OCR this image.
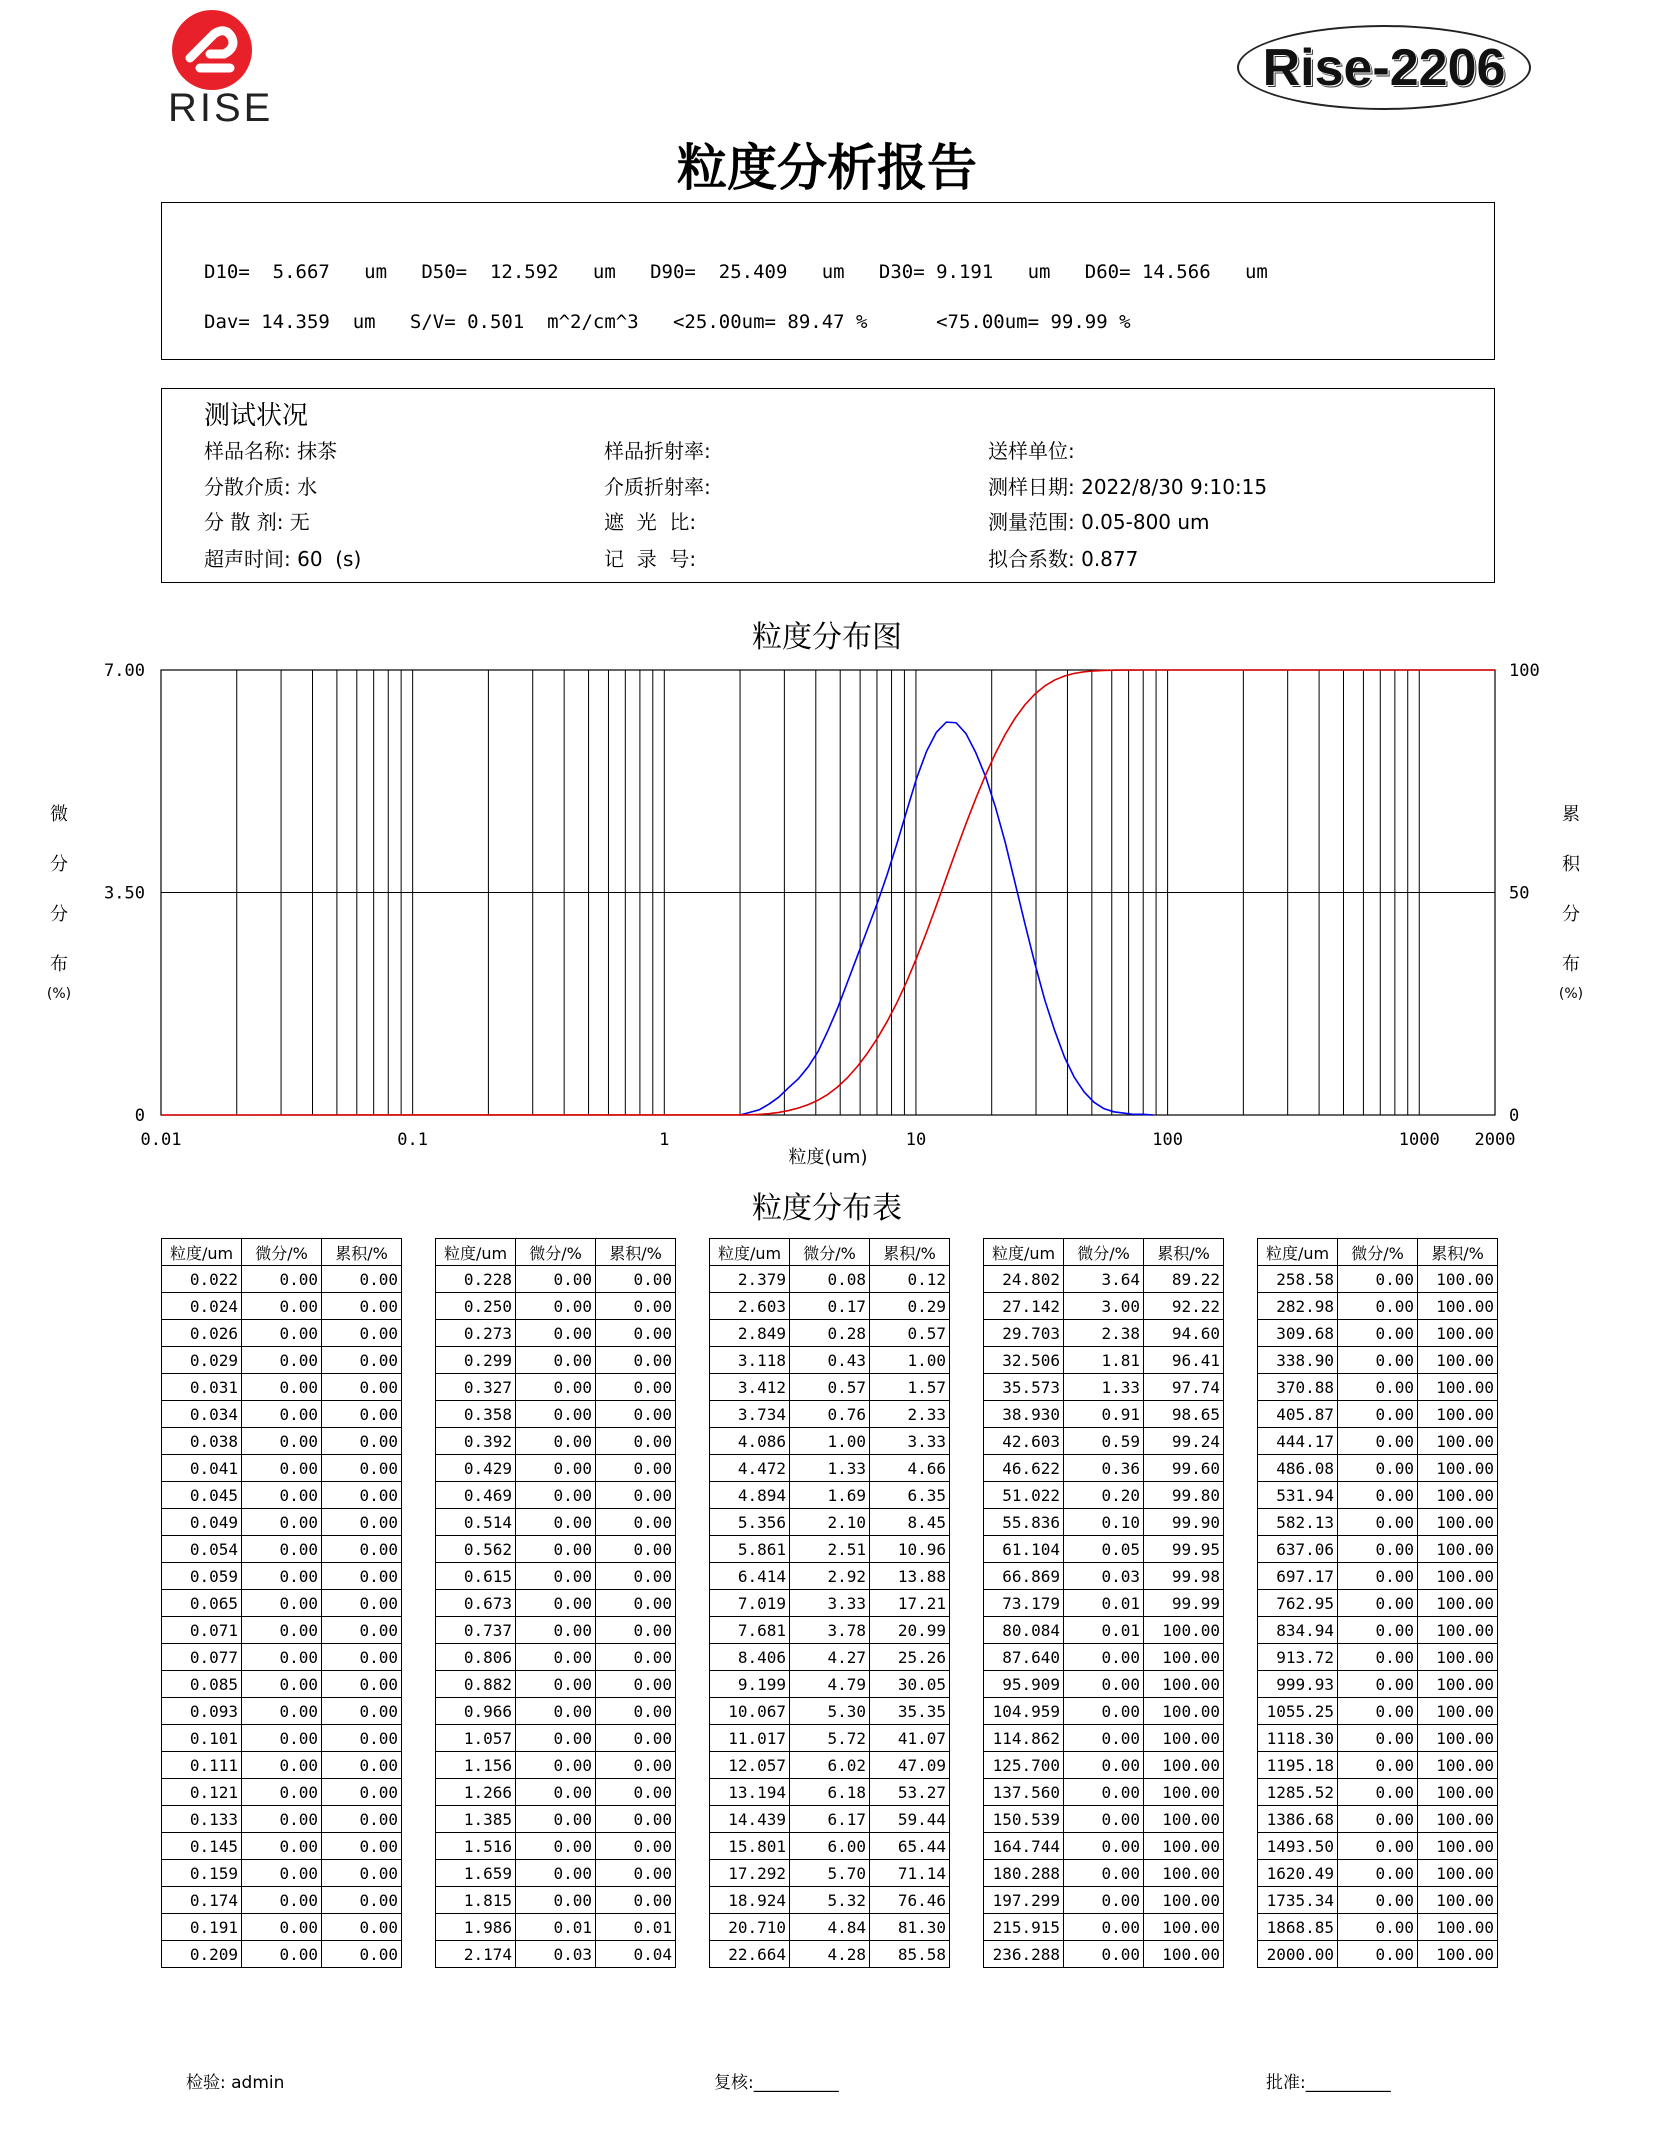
RISE
Rise-2206
粒度分析报告
D10=  5.667   um   D50=  12.592   um   D90=  25.409   um   D30= 9.191   um   D60= 14.566   um
Dav= 14.359  um   S/V= 0.501  m^2/cm^3   <25.00um= 89.47 %      <75.00um= 99.99 %
测试状况
样品名称: 抹茶
分散介质: 水
分 散 剂: 无
超声时间: 60  (s)
样品折射率:
介质折射率:
遮  光  比:
记  录  号:
送样单位:
测样日期: 2022/8/30 9:10:15
测量范围: 0.05-800 um
拟合系数: 0.877
粒度分布图
0.01	0.1	1	10	100	1000 2000
0
3.50
7.00
0
50
100
粒度(um)
微
分
分
布
(%)
累
积
分
布
(%)
粒度分布表
粒度/um	微分/%	累积/%
0.022	0.00	0.00
0.024	0.00	0.00
0.026	0.00	0.00
0.029	0.00	0.00
0.031	0.00	0.00
0.034	0.00	0.00
0.038	0.00	0.00
0.041	0.00	0.00
0.045	0.00	0.00
0.049	0.00	0.00
0.054	0.00	0.00
0.059	0.00	0.00
0.065	0.00	0.00
0.071	0.00	0.00
0.077	0.00	0.00
0.085	0.00	0.00
0.093	0.00	0.00
0.101	0.00	0.00
0.111	0.00	0.00
0.121	0.00	0.00
0.133	0.00	0.00
0.145	0.00	0.00
0.159	0.00	0.00
0.174	0.00	0.00
0.191	0.00	0.00
0.209	0.00	0.00
粒度/um	微分/%	累积/%
0.228	0.00	0.00
0.250	0.00	0.00
0.273	0.00	0.00
0.299	0.00	0.00
0.327	0.00	0.00
0.358	0.00	0.00
0.392	0.00	0.00
0.429	0.00	0.00
0.469	0.00	0.00
0.514	0.00	0.00
0.562	0.00	0.00
0.615	0.00	0.00
0.673	0.00	0.00
0.737	0.00	0.00
0.806	0.00	0.00
0.882	0.00	0.00
0.966	0.00	0.00
1.057	0.00	0.00
1.156	0.00	0.00
1.266	0.00	0.00
1.385	0.00	0.00
1.516	0.00	0.00
1.659	0.00	0.00
1.815	0.00	0.00
1.986	0.01	0.01
2.174	0.03	0.04
粒度/um	微分/%	累积/%
2.379	0.08	0.12
2.603	0.17	0.29
2.849	0.28	0.57
3.118	0.43	1.00
3.412	0.57	1.57
3.734	0.76	2.33
4.086	1.00	3.33
4.472	1.33	4.66
4.894	1.69	6.35
5.356	2.10	8.45
5.861	2.51	10.96
6.414	2.92	13.88
7.019	3.33	17.21
7.681	3.78	20.99
8.406	4.27	25.26
9.199	4.79	30.05
10.067	5.30	35.35
11.017	5.72	41.07
12.057	6.02	47.09
13.194	6.18	53.27
14.439	6.17	59.44
15.801	6.00	65.44
17.292	5.70	71.14
18.924	5.32	76.46
20.710	4.84	81.30
22.664	4.28	85.58
粒度/um	微分/%	累积/%
24.802	3.64	89.22
27.142	3.00	92.22
29.703	2.38	94.60
32.506	1.81	96.41
35.573	1.33	97.74
38.930	0.91	98.65
42.603	0.59	99.24
46.622	0.36	99.60
51.022	0.20	99.80
55.836	0.10	99.90
61.104	0.05	99.95
66.869	0.03	99.98
73.179	0.01	99.99
80.084	0.01	100.00
87.640	0.00	100.00
95.909	0.00	100.00
104.959	0.00	100.00
114.862	0.00	100.00
125.700	0.00	100.00
137.560	0.00	100.00
150.539	0.00	100.00
164.744	0.00	100.00
180.288	0.00	100.00
197.299	0.00	100.00
215.915	0.00	100.00
236.288	0.00	100.00
粒度/um	微分/%	累积/%
258.58	0.00	100.00
282.98	0.00	100.00
309.68	0.00	100.00
338.90	0.00	100.00
370.88	0.00	100.00
405.87	0.00	100.00
444.17	0.00	100.00
486.08	0.00	100.00
531.94	0.00	100.00
582.13	0.00	100.00
637.06	0.00	100.00
697.17	0.00	100.00
762.95	0.00	100.00
834.94	0.00	100.00
913.72	0.00	100.00
999.93	0.00	100.00
1055.25	0.00	100.00
1118.30	0.00	100.00
1195.18	0.00	100.00
1285.52	0.00	100.00
1386.68	0.00	100.00
1493.50	0.00	100.00
1620.49	0.00	100.00
1735.34	0.00	100.00
1868.85	0.00	100.00
2000.00	0.00	100.00
检验: admin	复核:__________	批准:__________
